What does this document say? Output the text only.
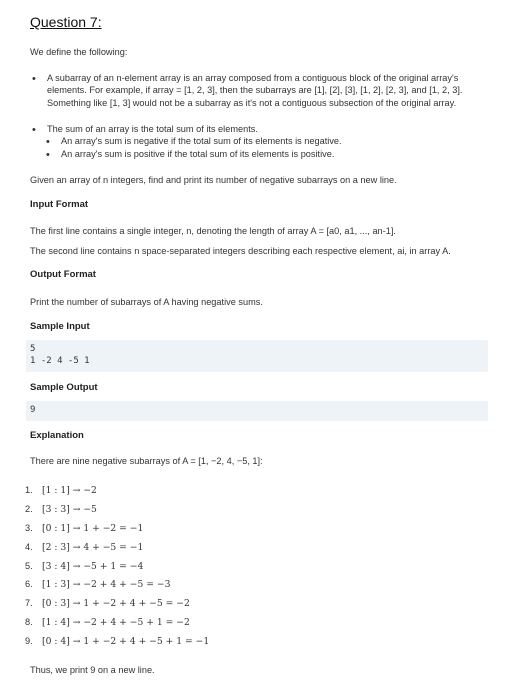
Question 7:
We define the following:
• A subarray of an n-element array is an array composed from a contiguous block of the original array's elements. For example, if array = [1, 2, 3], then the subarrays are [1], [2], [3], [1, 2], [2, 3], and [1, 2, 3]. Something like [1, 3] would not be a subarray as it's not a contiguous subsection of the original array.
• The sum of an array is the total sum of its elements.
• An array's sum is negative if the total sum of its elements is negative.
• An array's sum is positive if the total sum of its elements is positive.
Given an array of n integers, find and print its number of negative subarrays on a new line.
Input Format
The first line contains a single integer, n, denoting the length of array A = [a0, a1, ..., an-1].
The second line contains n space-separated integers describing each respective element, ai, in array A.
Output Format
Print the number of subarrays of A having negative sums.
Sample Input
5
1 -2 4 -5 1
Sample Output
9
Explanation
There are nine negative subarrays of A = [1, −2, 4, −5, 1]:
1. [1 : 1] → −2
2. [3 : 3] → −5
3. [0 : 1] → 1 + −2 = −1
4. [2 : 3] → 4 + −5 = −1
5. [3 : 4] → −5 + 1 = −4
6. [1 : 3] → −2 + 4 + −5 = −3
7. [0 : 3] → 1 + −2 + 4 + −5 = −2
8. [1 : 4] → −2 + 4 + −5 + 1 = −2
9. [0 : 4] → 1 + −2 + 4 + −5 + 1 = −1
Thus, we print 9 on a new line.
